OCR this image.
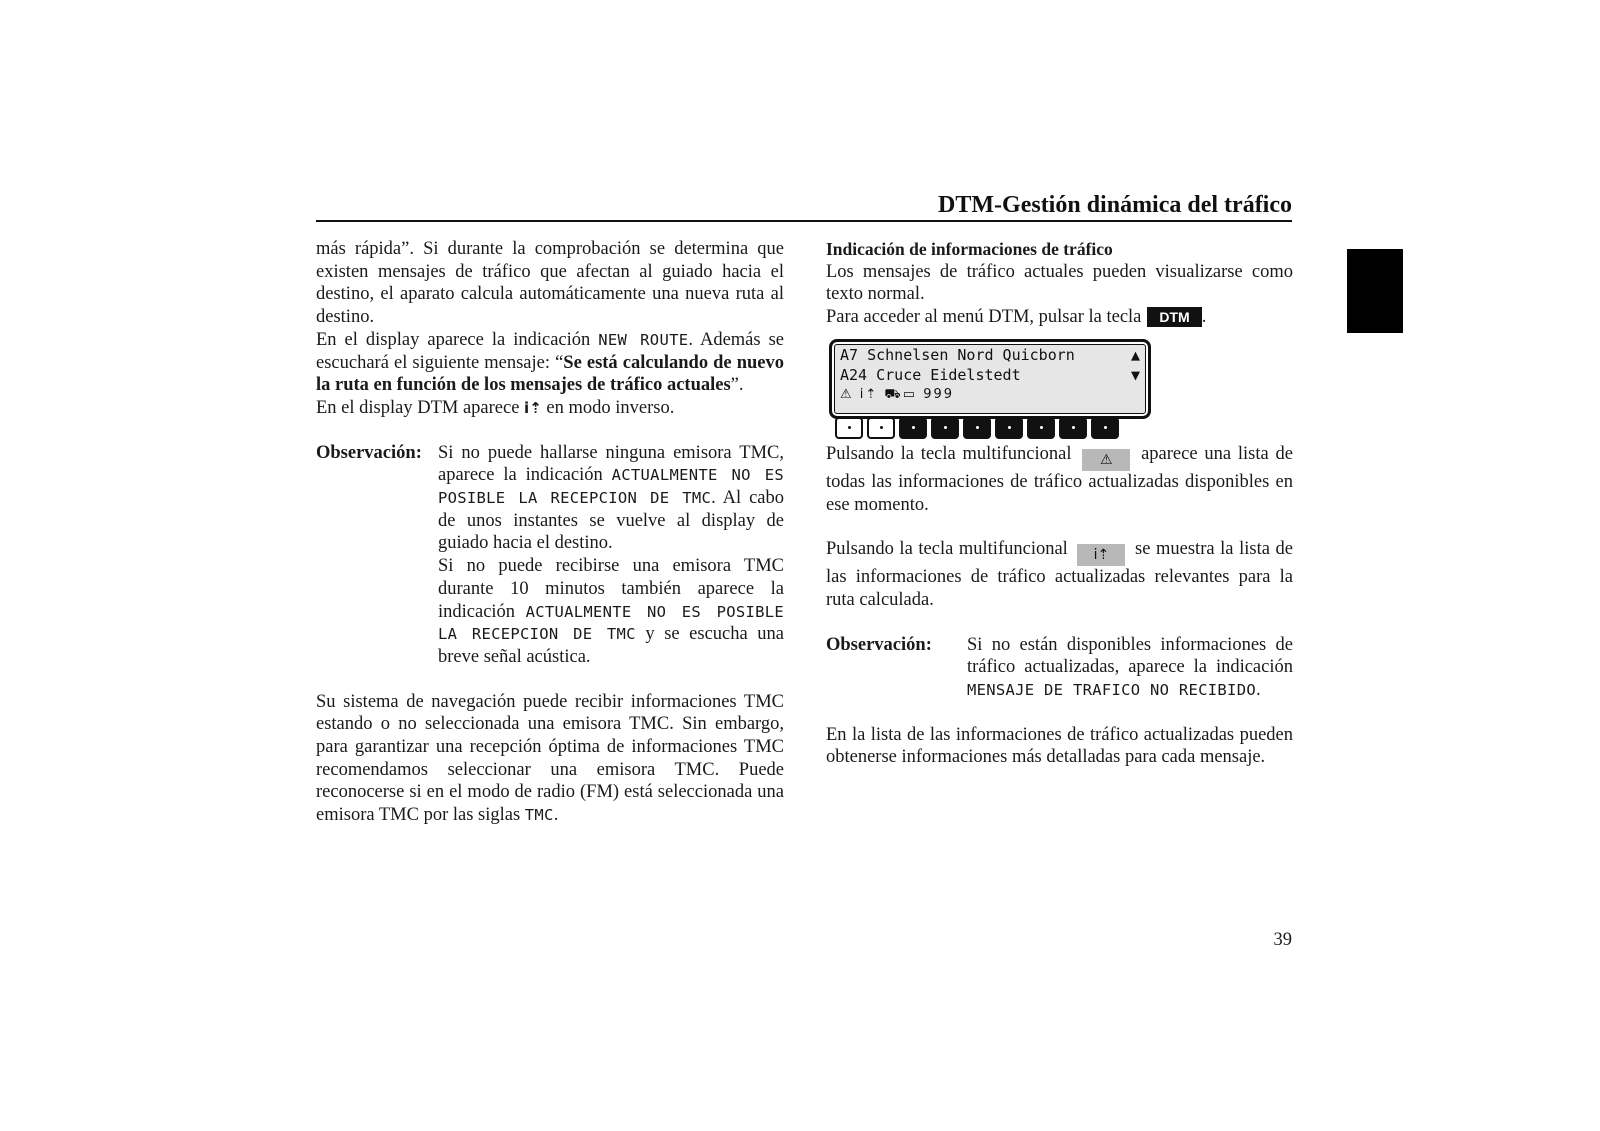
DTM-Gestión dinámica del tráfico

más rápida”. Si durante la comprobación se determina que existen mensajes de tráfico que afectan al guiado hacia el destino, el aparato calcula automáticamente una nueva ruta al destino.

En el display aparece la indicación NEW ROUTE. Además se escuchará el siguiente mensaje: “Se está calculando de nuevo la ruta en función de los mensajes de tráfico actuales”.

En el display DTM aparece i⇡ en modo inverso.

Observación: Si no puede hallarse ninguna emisora TMC, aparece la indicación ACTUALMENTE NO ES POSIBLE LA RECEPCION DE TMC. Al cabo de unos instantes se vuelve al display de guiado hacia el destino.
Si no puede recibirse una emisora TMC durante 10 minutos también aparece la indicación ACTUALMENTE NO ES POSIBLE LA RECEPCION DE TMC y se escucha una breve señal acústica.

Su sistema de navegación puede recibir informaciones TMC estando o no seleccionada una emisora TMC. Sin embargo, para garantizar una recepción óptima de informaciones TMC recomendamos seleccionar una emisora TMC. Puede reconocerse si en el modo de radio (FM) está seleccionada una emisora TMC por las siglas TMC.

Indicación de informaciones de tráfico

Los mensajes de tráfico actuales pueden visualizarse como texto normal.

Para acceder al menú DTM, pulsar la tecla DTM .

A7 Schnelsen Nord Quiсborn	▲
A24 Cruce Eidelstedt	▼
⚠ i⇡ ⛟▭ 999

Pulsando la tecla multifuncional ⚠ aparece una lista de todas las informaciones de tráfico actualizadas disponibles en ese momento.

Pulsando la tecla multifuncional i⇡ se muestra la lista de las informaciones de tráfico actualizadas relevantes para la ruta calculada.

Observación:	Si no están disponibles informaciones de tráfico actualizadas, aparece la indicación MENSAJE DE TRAFICO NO RECIBIDO.

En la lista de las informaciones de tráfico actualizadas pueden obtenerse informaciones más detalladas para cada mensaje.

39
